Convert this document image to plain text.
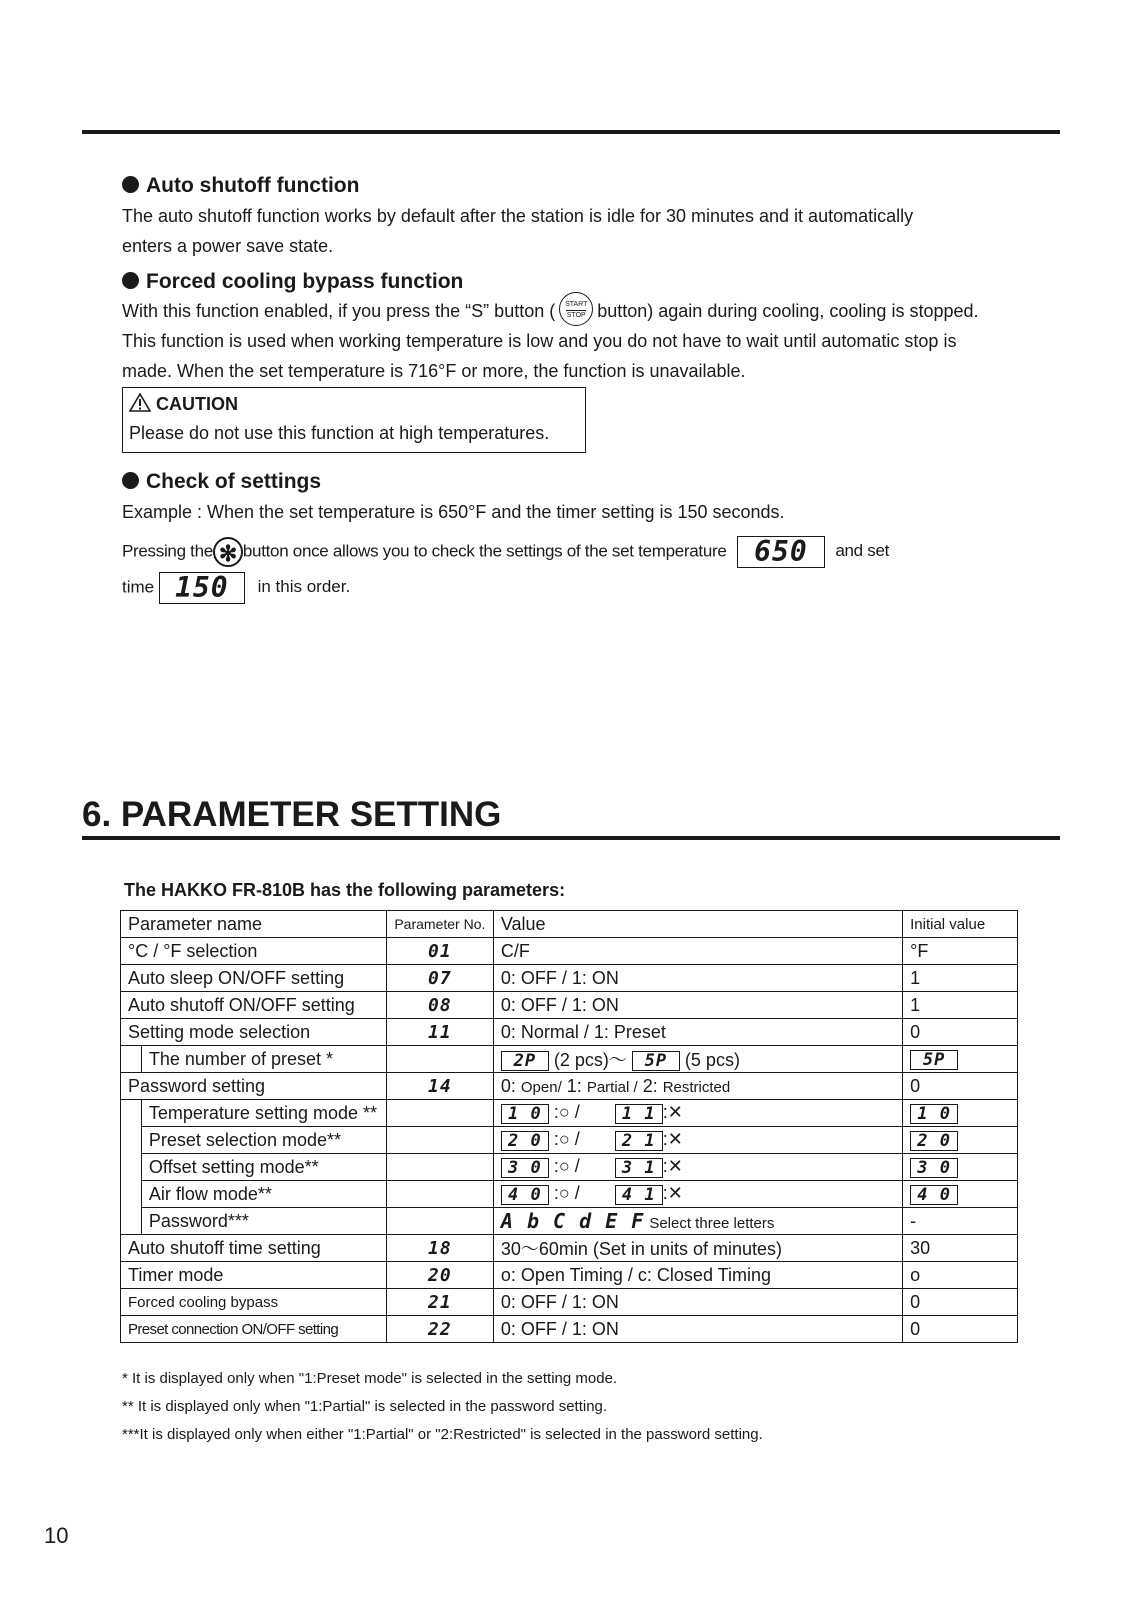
Auto shutoff function
The auto shutoff function works by default after the station is idle for 30 minutes and it automatically
enters a power save state.
Forced cooling bypass function
With this function enabled, if you press the “S” button ( START
STOP button) again during cooling, cooling is stopped.
This function is used when working temperature is low and you do not have to wait until automatic stop is
made. When the set temperature is 716°F or more, the function is unavailable.
CAUTION
Please do not use this function at high temperatures.
Check of settings
Example : When the set temperature is 650°F and the timer setting is 150 seconds.
Pressing the ✻ button once allows you to check the settings of the set temperature 650 and set
time 150 in this order.
6. PARAMETER SETTING
The HAKKO FR-810B has the following parameters:
Parameter name		Parameter No.	Value	Initial value
°C / °F selection		01	C/F	°F
Auto sleep ON/OFF setting		07	0: OFF / 1: ON	1
Auto shutoff ON/OFF setting		08	0: OFF / 1: ON	1
Setting mode selection		11	0: Normal / 1: Preset	0
	The number of preset *		2P (2 pcs)～ 5P (5 pcs)	5P
Password setting		14	0: Open/ 1: Partial / 2: Restricted	0
	Temperature setting mode **		1 0 :○ / 1 1 :✕	1 0
	Preset selection mode**		2 0 :○ / 2 1 :✕	2 0
	Offset setting mode**		3 0 :○ / 3 1 :✕	3 0
	Air flow mode**		4 0 :○ / 4 1 :✕	4 0
	Password***		A b C d E F Select three letters	-
Auto shutoff time setting		18	30～60min (Set in units of minutes)	30
Timer mode		20	o: Open Timing / c: Closed Timing	o
Forced cooling bypass		21	0: OFF / 1: ON	0
Preset connection ON/OFF setting		22	0: OFF / 1: ON	0
* It is displayed only when "1:Preset mode" is selected in the setting mode.
** It is displayed only when "1:Partial" is selected in the password setting.
***It is displayed only when either "1:Partial" or "2:Restricted" is selected in the password setting.
10
